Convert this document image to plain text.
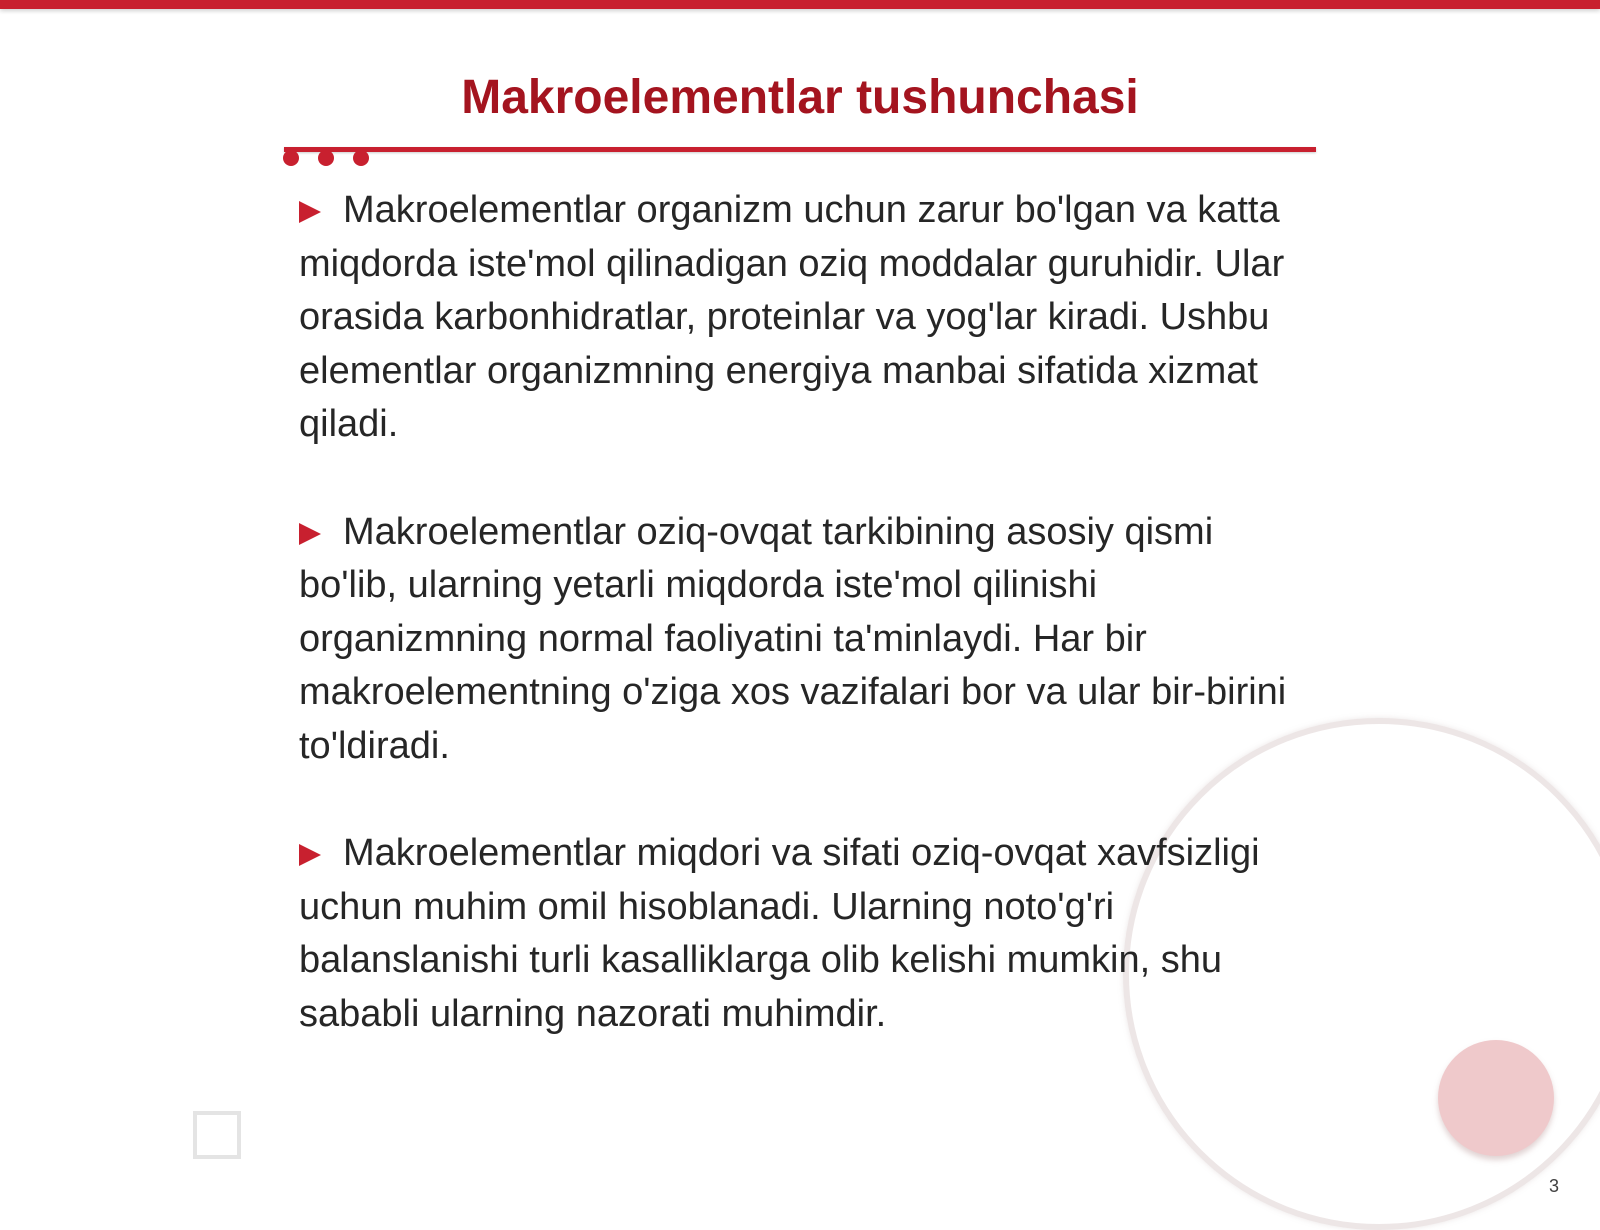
Makroelementlar tushunchasi

Makroelementlar organizm uchun zarur bo'lgan va katta miqdorda iste'mol qilinadigan oziq moddalar guruhidir. Ular orasida karbonhidratlar, proteinlar va yog'lar kiradi. Ushbu elementlar organizmning energiya manbai sifatida xizmat qiladi.

Makroelementlar oziq-ovqat tarkibining asosiy qismi bo'lib, ularning yetarli miqdorda iste'mol qilinishi organizmning normal faoliyatini ta'minlaydi. Har bir makroelementning o'ziga xos vazifalari bor va ular bir-birini to'ldiradi.

Makroelementlar miqdori va sifati oziq-ovqat xavfsizligi uchun muhim omil hisoblanadi. Ularning noto'g'ri balanslanishi turli kasalliklarga olib kelishi mumkin, shu sababli ularning nazorati muhimdir.

3
